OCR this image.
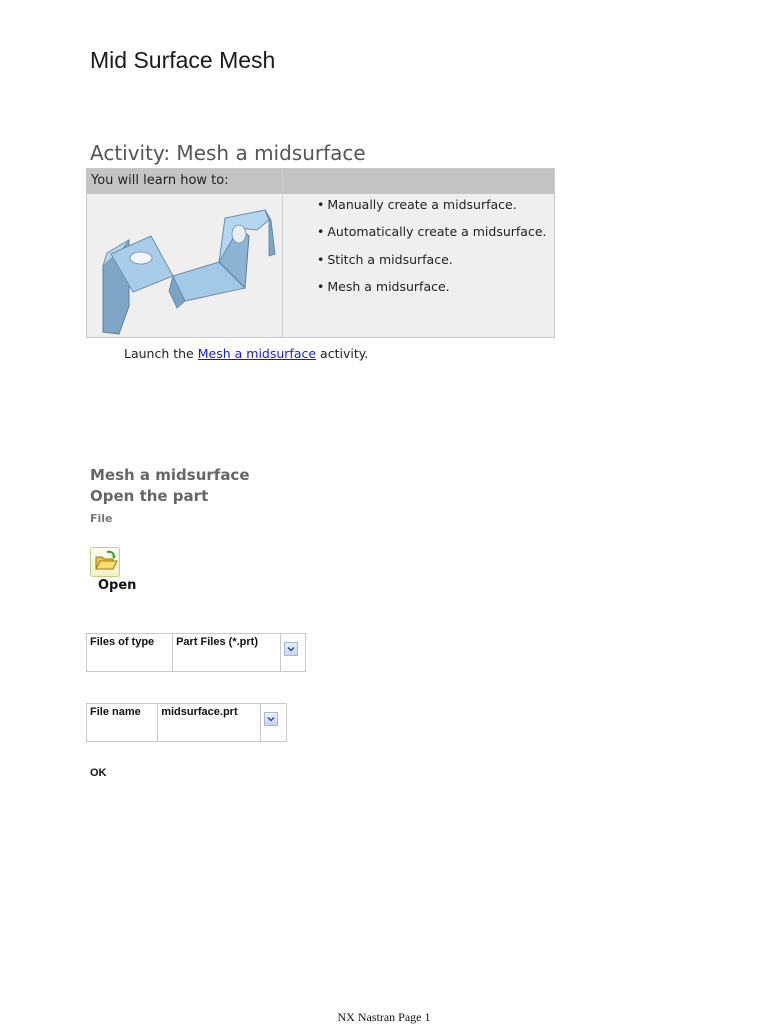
Mid Surface Mesh
Activity: Mesh a midsurface
You will learn how to:
• Manually create a midsurface.
• Automatically create a midsurface.
• Stitch a midsurface.
• Mesh a midsurface.
Launch the Mesh a midsurface activity.
Mesh a midsurface
Open the part
File
Open
Files of type	Part Files (*.prt)	
File name	midsurface.prt	
OK
NX Nastran Page 1
